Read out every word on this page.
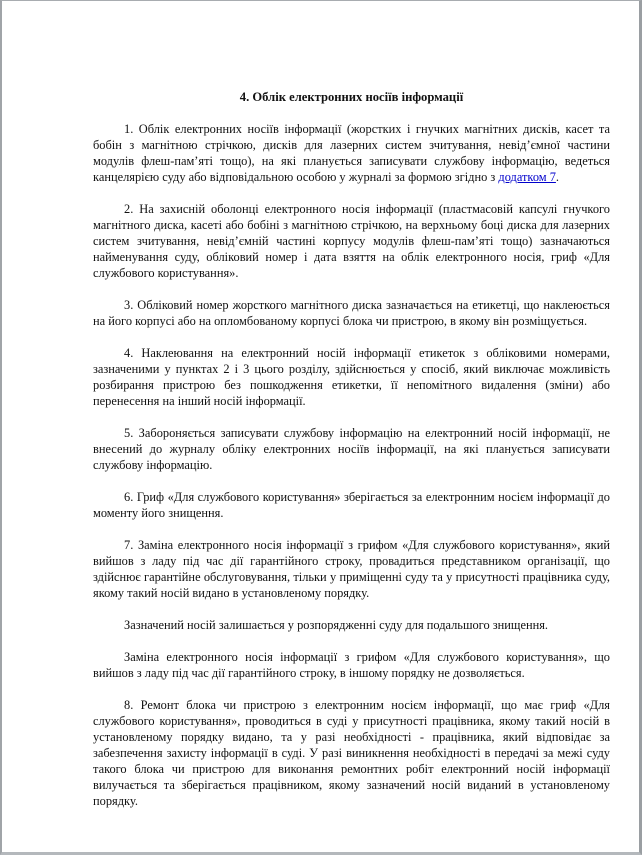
4. Облік електронних носіїв інформації

1. Облік електронних носіїв інформації (жорстких і гнучких магнітних дисків, касет та бобін з магнітною стрічкою, дисків для лазерних систем зчитування, невід’ємної частини модулів флеш-пам’яті тощо), на які планується записувати службову інформацію, ведеться канцелярією суду або відповідальною особою у журналі за формою згідно з додатком 7.

2. На захисній оболонці електронного носія інформації (пластмасовій капсулі гнучкого магнітного диска, касеті або бобіні з магнітною стрічкою, на верхньому боці диска для лазерних систем зчитування, невід’ємній частині корпусу модулів флеш-пам’яті тощо) зазначаються найменування суду, обліковий номер і дата взяття на облік електронного носія, гриф «Для службового користування».

3. Обліковий номер жорсткого магнітного диска зазначається на етикетці, що наклеюється на його корпусі або на опломбованому корпусі блока чи пристрою, в якому він розміщується.

4. Наклеювання на електронний носій інформації етикеток з обліковими номерами, зазначеними у пунктах 2 і 3 цього розділу, здійснюється у спосіб, який виключає можливість розбирання пристрою без пошкодження етикетки, її непомітного видалення (зміни) або перенесення на інший носій інформації.

5. Забороняється записувати службову інформацію на електронний носій інформації, не внесений до журналу обліку електронних носіїв інформації, на які планується записувати службову інформацію.

6. Гриф «Для службового користування» зберігається за електронним носієм інформації до моменту його знищення.

7. Заміна електронного носія інформації з грифом «Для службового користування», який вийшов з ладу під час дії гарантійного строку, провадиться представником організації, що здійснює гарантійне обслуговування, тільки у приміщенні суду та у присутності працівника суду, якому такий носій видано в установленому порядку.

Зазначений носій залишається у розпорядженні суду для подальшого знищення.

Заміна електронного носія інформації з грифом «Для службового користування», що вийшов з ладу під час дії гарантійного строку, в іншому порядку не дозволяється.

8. Ремонт блока чи пристрою з електронним носієм інформації, що має гриф «Для службового користування», проводиться в суді у присутності працівника, якому такий носій в установленому порядку видано, та у разі необхідності - працівника, який відповідає за забезпечення захисту інформації в суді. У разі виникнення необхідності в передачі за межі суду такого блока чи пристрою для виконання ремонтних робіт електронний носій інформації вилучається та зберігається працівником, якому зазначений носій виданий в установленому порядку.
